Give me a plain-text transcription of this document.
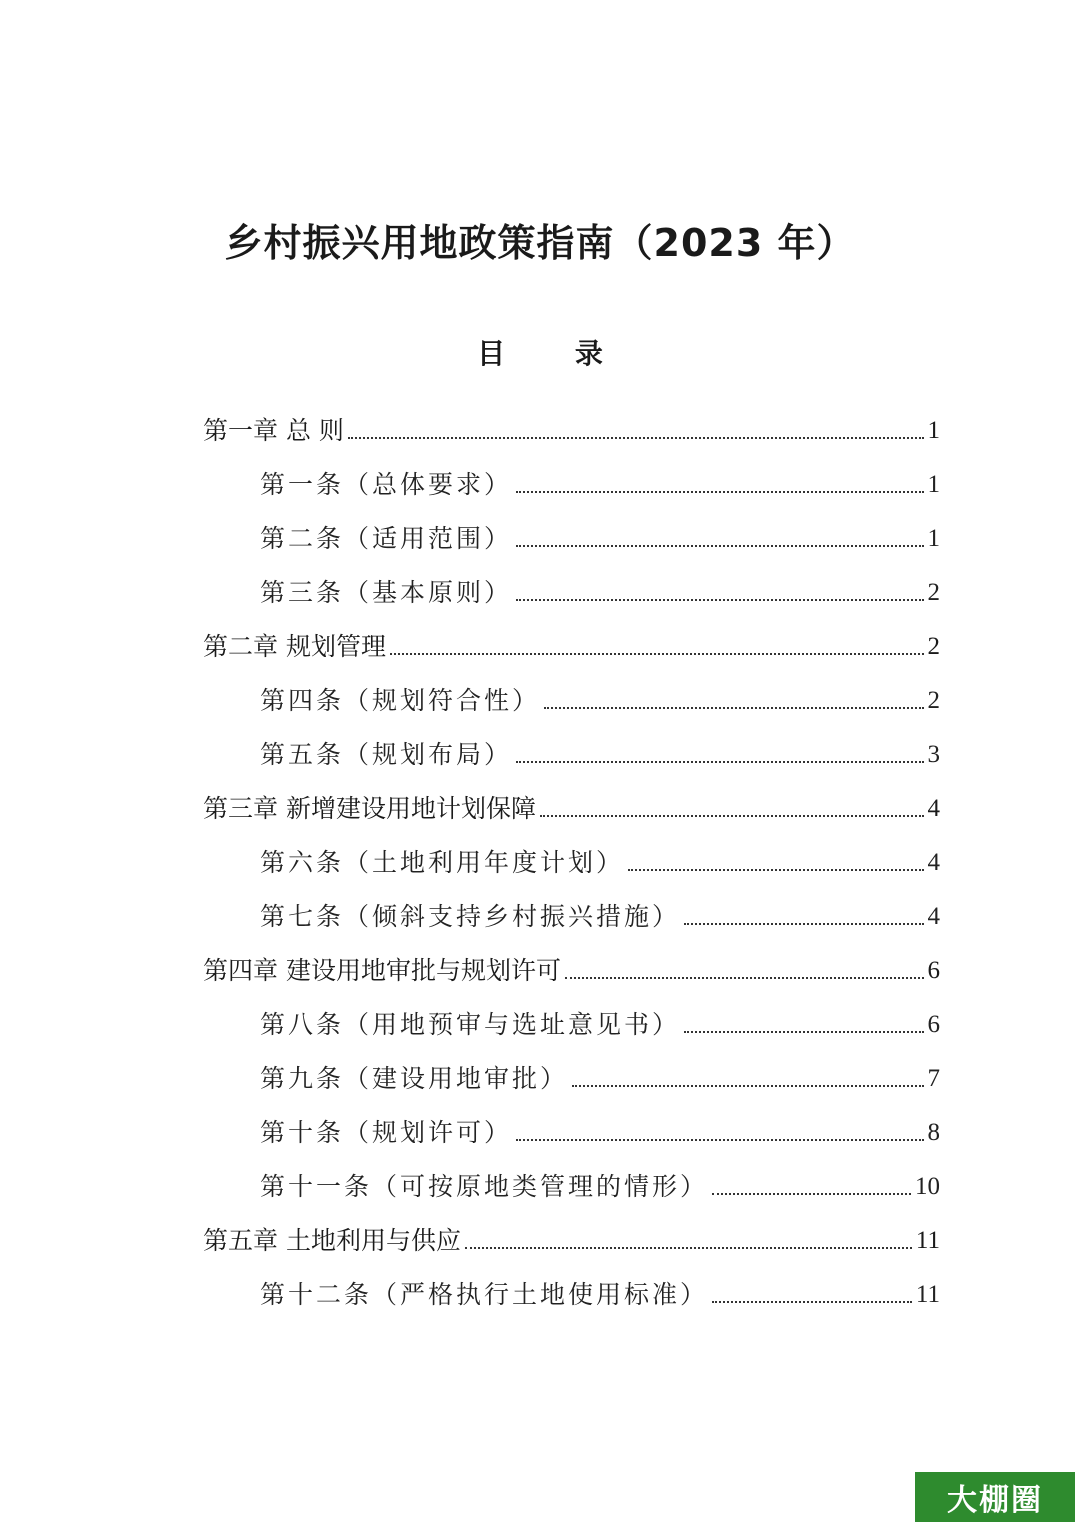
乡村振兴用地政策指南（2023 年）
目 录
第一章 总 则	1
第一条（总体要求）	1
第二条（适用范围）	1
第三条（基本原则）	2
第二章 规划管理	2
第四条（规划符合性）	2
第五条（规划布局）	3
第三章 新增建设用地计划保障	4
第六条（土地利用年度计划）	4
第七条（倾斜支持乡村振兴措施）	4
第四章 建设用地审批与规划许可	6
第八条（用地预审与选址意见书）	6
第九条（建设用地审批）	7
第十条（规划许可）	8
第十一条（可按原地类管理的情形）	10
第五章 土地利用与供应	11
第十二条（严格执行土地使用标准）	11
大棚圈
